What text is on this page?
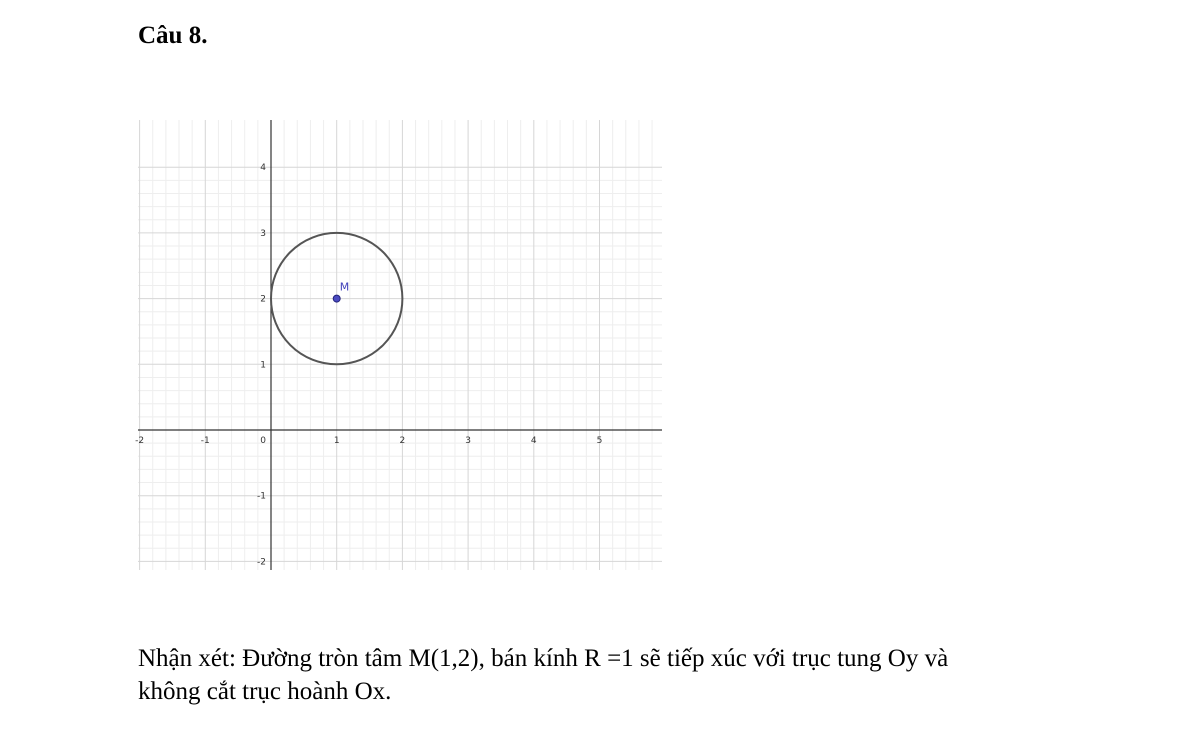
Câu 8.
-2	-1	0	1	2	3	4	5
4
3
2
1
-1
-2
M

Nhận xét: Đường tròn tâm M(1,2), bán kính R =1 sẽ tiếp xúc với trục tung Oy và
không cắt trục hoành Ox.
